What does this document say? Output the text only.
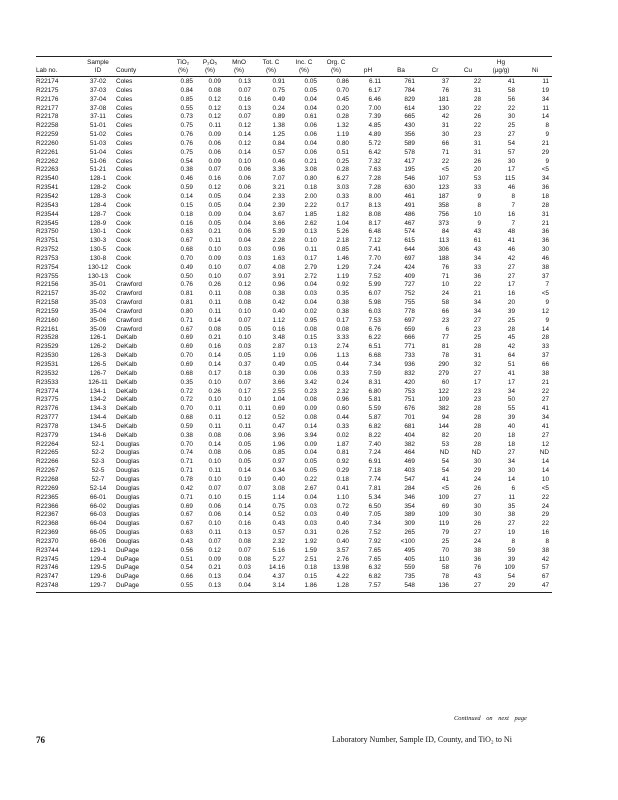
	Sample		TiO₂	P₂O₅	MnO	Tot. C	Inc. C	Org. C					Hg	
Lab no.	ID	County	(%)	(%)	(%)	(%)	(%)	(%)	pH	Ba	Cr	Cu	(µg/g)	Ni
R22174	37-02	Coles	0.85	0.09	0.13	0.91	0.05	0.86	6.11	761	37	22	41	11
R22175	37-03	Coles	0.84	0.08	0.07	0.75	0.05	0.70	6.17	784	76	31	58	19
R22176	37-04	Coles	0.85	0.12	0.16	0.49	0.04	0.45	6.46	829	181	28	56	34
R22177	37-08	Coles	0.55	0.12	0.13	0.24	0.04	0.20	7.00	614	130	22	22	11
R22178	37-11	Coles	0.73	0.12	0.07	0.89	0.61	0.28	7.39	665	42	26	30	14
R22258	51-01	Coles	0.75	0.11	0.12	1.38	0.06	1.32	4.85	430	31	22	25	8
R22259	51-02	Coles	0.76	0.09	0.14	1.25	0.06	1.19	4.89	356	30	23	27	9
R22260	51-03	Coles	0.76	0.06	0.12	0.84	0.04	0.80	5.72	589	66	31	54	21
R22261	51-04	Coles	0.75	0.06	0.14	0.57	0.06	0.51	6.42	578	71	31	57	29
R22262	51-06	Coles	0.54	0.09	0.10	0.46	0.21	0.25	7.32	417	22	26	30	9
R22263	51-21	Coles	0.38	0.07	0.06	3.36	3.08	0.28	7.63	195	<5	20	17	<5
R23540	128-1	Cook	0.46	0.16	0.06	7.07	0.80	6.27	7.28	546	107	53	115	34
R23541	128-2	Cook	0.59	0.12	0.06	3.21	0.18	3.03	7.28	630	123	33	46	36
R23542	128-3	Cook	0.14	0.05	0.04	2.33	2.00	0.33	8.00	461	187	9	8	18
R23543	128-4	Cook	0.15	0.05	0.04	2.39	2.22	0.17	8.13	491	358	8	7	28
R23544	128-7	Cook	0.18	0.09	0.04	3.67	1.85	1.82	8.08	486	756	10	16	31
R23545	128-9	Cook	0.16	0.05	0.04	3.66	2.62	1.04	8.17	467	373	9	7	21
R23750	130-1	Cook	0.63	0.21	0.06	5.39	0.13	5.26	6.48	574	84	43	48	36
R23751	130-3	Cook	0.67	0.11	0.04	2.28	0.10	2.18	7.12	615	113	61	41	36
R23752	130-5	Cook	0.68	0.10	0.03	0.96	0.11	0.85	7.41	644	306	43	46	30
R23753	130-8	Cook	0.70	0.09	0.03	1.63	0.17	1.46	7.70	697	188	34	42	46
R23754	130-12	Cook	0.49	0.10	0.07	4.08	2.79	1.29	7.24	424	76	33	27	38
R23755	130-13	Cook	0.50	0.10	0.07	3.91	2.72	1.19	7.52	409	71	36	27	37
R22156	35-01	Crawford	0.76	0.26	0.12	0.96	0.04	0.92	5.99	727	10	22	17	7
R22157	35-02	Crawford	0.81	0.11	0.08	0.38	0.03	0.35	6.07	752	24	21	16	<5
R22158	35-03	Crawford	0.81	0.11	0.08	0.42	0.04	0.38	5.98	755	58	34	20	9
R22159	35-04	Crawford	0.80	0.11	0.10	0.40	0.02	0.38	6.03	778	66	34	39	12
R22160	35-06	Crawford	0.71	0.14	0.07	1.12	0.95	0.17	7.53	697	23	27	25	9
R22161	35-09	Crawford	0.67	0.08	0.05	0.16	0.08	0.08	6.76	659	6	23	28	14
R23528	126-1	DeKalb	0.69	0.21	0.10	3.48	0.15	3.33	6.22	666	77	25	45	28
R23529	126-2	DeKalb	0.69	0.16	0.03	2.87	0.13	2.74	6.51	771	81	28	42	33
R23530	126-3	DeKalb	0.70	0.14	0.05	1.19	0.06	1.13	6.68	733	78	31	64	37
R23531	126-5	DeKalb	0.69	0.14	0.37	0.49	0.05	0.44	7.34	936	290	32	51	66
R23532	126-7	DeKalb	0.68	0.17	0.18	0.39	0.06	0.33	7.59	832	279	27	41	38
R23533	126-11	DeKalb	0.35	0.10	0.07	3.66	3.42	0.24	8.31	420	60	17	17	21
R23774	134-1	DeKalb	0.72	0.26	0.17	2.55	0.23	2.32	6.80	753	122	23	34	22
R23775	134-2	DeKalb	0.72	0.10	0.10	1.04	0.08	0.96	5.81	751	109	23	50	27
R23776	134-3	DeKalb	0.70	0.11	0.11	0.69	0.09	0.60	5.59	676	382	28	55	41
R23777	134-4	DeKalb	0.68	0.11	0.12	0.52	0.08	0.44	5.87	701	94	28	39	34
R23778	134-5	DeKalb	0.59	0.11	0.11	0.47	0.14	0.33	6.82	681	144	28	40	41
R23779	134-6	DeKalb	0.38	0.08	0.06	3.96	3.94	0.02	8.22	404	82	20	18	27
R22264	52-1	Douglas	0.70	0.14	0.05	1.96	0.09	1.87	7.40	382	53	28	18	12
R22265	52-2	Douglas	0.74	0.08	0.06	0.85	0.04	0.81	7.24	464	ND	ND	27	ND
R22266	52-3	Douglas	0.71	0.10	0.05	0.97	0.05	0.92	6.91	469	54	30	34	14
R22267	52-5	Douglas	0.71	0.11	0.14	0.34	0.05	0.29	7.18	403	54	29	30	14
R22268	52-7	Douglas	0.78	0.10	0.19	0.40	0.22	0.18	7.74	547	41	24	14	10
R22269	52-14	Douglas	0.42	0.07	0.07	3.08	2.67	0.41	7.81	284	<5	26	6	<5
R22365	66-01	Douglas	0.71	0.10	0.15	1.14	0.04	1.10	5.34	346	109	27	11	22
R22366	66-02	Douglas	0.69	0.06	0.14	0.75	0.03	0.72	6.50	354	69	30	35	24
R22367	66-03	Douglas	0.67	0.06	0.14	0.52	0.03	0.49	7.05	389	109	30	38	29
R22368	66-04	Douglas	0.67	0.10	0.16	0.43	0.03	0.40	7.34	309	119	26	27	22
R22369	66-05	Douglas	0.63	0.11	0.13	0.57	0.31	0.26	7.52	265	79	27	19	16
R22370	66-06	Douglas	0.43	0.07	0.08	2.32	1.92	0.40	7.92	<100	25	24	8	8
R23744	129-1	DuPage	0.56	0.12	0.07	5.16	1.59	3.57	7.65	495	70	38	59	38
R23745	129-4	DuPage	0.51	0.09	0.08	5.27	2.51	2.76	7.65	405	110	36	39	42
R23746	129-5	DuPage	0.54	0.21	0.03	14.16	0.18	13.98	6.32	559	58	76	109	57
R23747	129-6	DuPage	0.66	0.13	0.04	4.37	0.15	4.22	6.82	735	78	43	54	67
R23748	129-7	DuPage	0.55	0.13	0.04	3.14	1.86	1.28	7.57	548	136	27	29	47
Continued on next page
76	Laboratory Number, Sample ID, County, and TiO₂ to Ni
